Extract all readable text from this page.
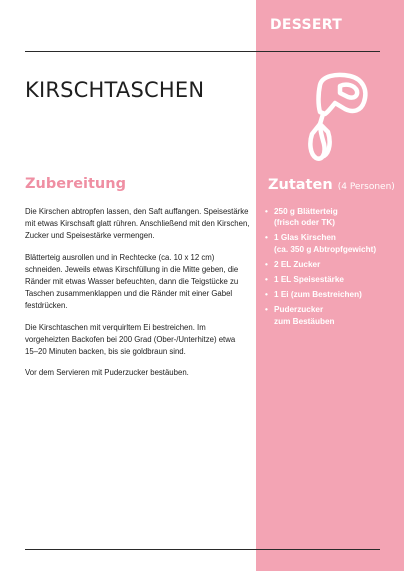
DESSERT
KIRSCHTASCHEN
Zubereitung	Zutaten (4 Personen)

Die Kirschen abtropfen lassen, den Saft auffangen. Speisestärke mit etwas Kirschsaft glatt rühren. Anschließend mit den Kirschen, Zucker und Speisestärke vermengen.

Blätterteig ausrollen und in Rechtecke (ca. 10 x 12 cm) schneiden. Jeweils etwas Kirschfüllung in die Mitte geben, die Ränder mit etwas Wasser befeuchten, dann die Teigstücke zu Taschen zusammenklappen und die Ränder mit einer Gabel festdrücken.

Die Kirschtaschen mit verquirltem Ei bestreichen. Im vorgeheizten Backofen bei 200 Grad (Ober-/Unterhitze) etwa 15–20 Minuten backen, bis sie goldbraun sind.

Vor dem Servieren mit Puderzucker bestäuben.

• 250 g Blätterteig
(frisch oder TK)
• 1 Glas Kirschen
(ca. 350 g Abtropfgewicht)
• 2 EL Zucker
• 1 EL Speisestärke
• 1 Ei (zum Bestreichen)
• Puderzucker
zum Bestäuben
